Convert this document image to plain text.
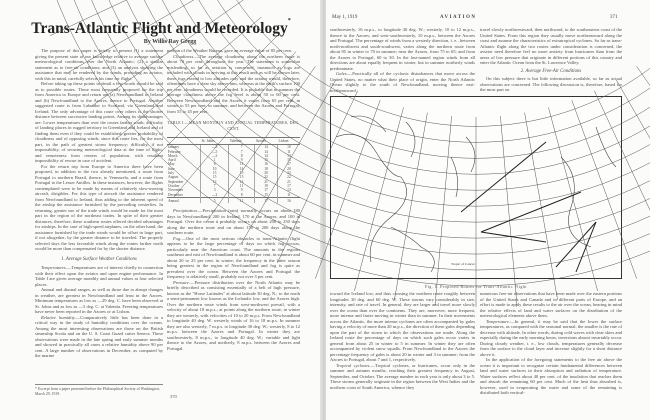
Trans-Atlantic Flight and Meteorology*
By Willis Ray Gregg

The purpose of this paper is briefly to present (1) a statement giving the present state of our knowledge relative to average surface meteorological conditions over the North Atlantic; (2) a similar statement as to free-air conditions; and (3) an analysis showing the assistance that may be rendered by the winds, providing an aviator, with this in mind, carefully selects his time for flight.

Before taking up these points in detail a few words should be said as to possible routes. Those most frequently proposed for the trip from America to Europe and return are (a) Newfoundland to Ireland and (b) Newfoundland to the Azores, thence to Portugal. Another suggested route is from Labrador to Scotland, via Greenland and Iceland. The only advantage of this route over others is the shorter distance between successive landing points. Among its disadvantages are: Lower temperatures than over the routes farther south; difficulty of landing places in rugged territory in Greenland and Iceland and of finding them even if they could be established; greater probability of cloudiness and of opposing winds, since this route lies, for the most part, in the path of greatest storm frequency; difficulty, if not impossibility, of securing meteorological data at the time of flight; and remoteness from centers of population, with resultant impossibility of rescue in case of accident.

For the return trip from Europe to America there have been proposed, in addition to the two already mentioned, a route from Portugal to northern Brazil, thence, to Venezuela, and a route from Portugal to the Lesser Antilles. In these instances, however, the flights contemplated were to be made by means of relatively slow-moving aircraft, dirigibles. For this type of aircraft the assistance rendered from Newfoundland to Ireland, thus adding to the inherent speed of the airship the assistance furnished by the prevailing westerlies. In returning, greater use of the trade winds would be made for the most part in the region of the northeast trades. In spite of their greater distances, therefore, these southern routes offered decided advantages for airships. In the case of high-speed airplanes, on the other hand, the assistance furnished by the trade winds would be offset in large part, if not altogether, by the greater distance to be traveled. The properly selected days the less favorable winds along the routes farther north would be more than compensated for by the shorter distance.

1. Average Surface Weather Conditions

Temperatures.—Temperatures are of interest chiefly in connection with their effect upon the aviator and upon engine performance. In Table I are given average monthly and annual values at four selected places.

Annual and diurnal ranges, as well as those due to abrupt changes in weather, are greatest in Newfoundland and least in the Azores. Minimum temperatures as low as —29 deg. C. have been observed at St. Johns and as low as —5 deg. C. at Valentia. Freezing temperatures have never been reported in the Azores or at Lisbon.

Relative humidity.—Comparatively little has been done in a critical way in the study of humidity conditions over the oceans. Among the most interesting observations are those on the British steamship Scotia and on the U. S. Coast Guard cutter Seneca. These observations were made in the late spring and early summer months and showed in practically all cases a relative humidity above 90 per cent. A large number of observations in December, as computed by the marine

* Excerpt from a paper presented before the Philosophical Society of Washington, March 29, 1919.

portion of the Weather Bureau, gave an average value of 85 per cent.

Cloudiness.—The average cloudiness along the northern route is about 70 per cent. throughout the year. The statement is somewhat misleading, so far as aviation is concerned, inasmuch as fogs are included with clouds in arriving at this result and, as will be shown later, these fogs extend to low altitudes only and the aviator would, therefore, oftentimes have a clear sky above him, whereas at the earth's surface 100 per cent. cloudiness would be recorded. It is probable that in summer the average cloudiness above the fog level is about 50 to 60 per cent. Between Newfoundland and the Azores it varies from 65 per cent. in winter to 55 per cent. in summer, and between the Azores and Portugal, from 55 to 45 per cent.

TABLE I.—MEAN MONTHLY AND ANNUAL TEMPERATURES, DEG. CENT.
	St. Johns	Valentia	Azores	Lisbon
January	—5	7	14	10
February	—5	7	14	11
March	—3	8	14	13
April	1	9	15	15
May	6	11	16	17
June	10	14	18	20
July	15	15	20	22
August	15	15	22	22
September	12	14	21	21
October	7	11	19	17
November	3	9	17	13
December	—2	8	15	11
Annual	5	11	17	16

Precipitation.—Precipitation (rain) normally occurs on about 180 days in Newfoundland, 200 in Ireland, 170 at the Azores, and 100 in Portugal. Over the ocean it probably occurs on about 200 to 250 days along the northern route and on about 150 to 200 days along the southern route.

Fog.—One of the most serious obstacles to trans-Atlantic flight appears to be the large percentage of days on which fog occurs, particularly near the American coast. The amounts in the regions southeast and east of Newfoundland is about 60 per cent. in summer and about 20 to 25 per cent. in winter; the frequency in the latter season being greatest in the region of Newfoundland and fog is quite as prevalent over the ocean. Between the Azores and Portugal the frequency is relatively small, probably not over 3 per cent.

Pressure.—Pressure distribution over the North Atlantic may be briefly described as consisting essentially of a belt of high pressure, known as the "Horse Latitudes" at about latitude 30 deg. N.; to the north a semi-permanent low known as the Icelandic low, and the Azores high. Over the northern route winds from west-northwest prevail, with a velocity of about 18 m.p.s.; at points along the northern route, in winter they are westerly, with velocities of 10 to 20 m.p.s. From Newfoundland to longitude 40 deg. W. westerly winds of 16 to 18 m.p.s. In summer they are also westerly, 7 m.p.s. to longitude 30 deg. W.; westerly, 8 to 12 m.p.s. between the Azores and Portugal. In winter they are southwesterly, 8 m.p.s., to longitude 40 deg. W.; variable and light thence to the Azores, and northerly, 8 m.p.s. between the Azores and Portugal.

370
May 1, 1919	AVIATION	371

southwesterly, 16 m.p.s., to longitude 40 deg. W.; westerly, 10 to 12 m.p.s., thence to the Azores; and west-southwesterly, 10 m.p.s., between the Azores and Portugal. The percentage of winds from a westerly direction, i. e., between north-northwest and south-southwest, varies along the northern route from about 85 in winter to 70 in summer; near the Azores, from 75 to 65; and from the Azores to Portugal, 60 to 30. In the last-named region winds from all directions are about equally frequent in winter, but in summer northerly winds predominate.

Gales.—Practically all of the cyclonic disturbances that move across the United States, no matter what their place of origin, enter the North Atlantic Ocean slightly to the south of Newfoundland, moving thence east-northeastward

travel slowly northwestward, then northward, to the southeastern coast of the United States. From this region they usually move northeastward along the coast and assume the characteristics of extratropical cyclones. So far as trans-Atlantic flight along the two routes under consideration is concerned, the aviator need therefore feel no more anxiety from hurricanes than from the areas of low pressure that originate in different portions of this country and enter the Atlantic Ocean from the St. Lawrence Valley.

2. Average Free-Air Conditions

On this subject there is but little information available, so far as actual observations are concerned. The following discussion is, therefore, based for the most part on

Tropic of Cancer
Fig. 1. Proposed Routes for Trans-Atlantic Flight

toward the Iceland low, and thus crossing the northern route roughly between longitudes 30 deg. and 60 deg. W. These storms vary considerably in size, intensity, and rate of travel. In general, they are larger and travel more slowly over the ocean than over the continents. They are, moreover, more frequent, more intense and faster moving in winter than in summer. In their movements across the Atlantic, the more intense cyclones are often accompanied by gales having a velocity of more than 20 m.p.s., the direction of these gales depending upon the part of the storm in which the observations are made. Along the Ireland route the percentage of days on which such gales occur varies in general from about 25 in winter to 5 in summer. In winter they are often accompanied by violent snow squalls. From Newfoundland to the Azores the percentage frequency of gales is about 20 in winter and 3 in summer; from the Azores to Portugal, about 7 and 1, respectively.

Tropical cyclones.—Tropical cyclones, or hurricanes, occur only in the summer and autumn months, reaching their greatest frequency in August, September, and October. The average number in each year is only about 3 to 5. These storms generally originate in the region between the West Indies and the northern coast of South America, whence they

numerous free-air observations that have been made over the eastern portions of the United States and Canada and in different parts of Europe, and an effort is made to apply these results to the air over the ocean, bearing in mind the relative effects of land and water surfaces on the distribution of the meteorological elements above them.

Temperature.—In general, it may be said that the lower the surface temperatures, as compared with the seasonal normal, the smaller is the rate of decrease with altitude. In other words, during cold waves with clear skies and especially during the early morning hours, inversions almost invariably occur. During cloudy weather, i. e., low clouds, temperatures generally decrease from the surface to the cloud layer and increase slightly for a short distance above it.

In the application of the foregoing statements to the free air above the ocean it is important to recognize certain fundamental differences between land and water surfaces in their absorption and radiation of temperature. Water surfaces reflect about 40 per cent. of the insolation that reaches them and absorb the remaining 60 per cent. Much of the heat thus absorbed is, however, used in evaporating the water and some of the remaining is distributed both vertical-
